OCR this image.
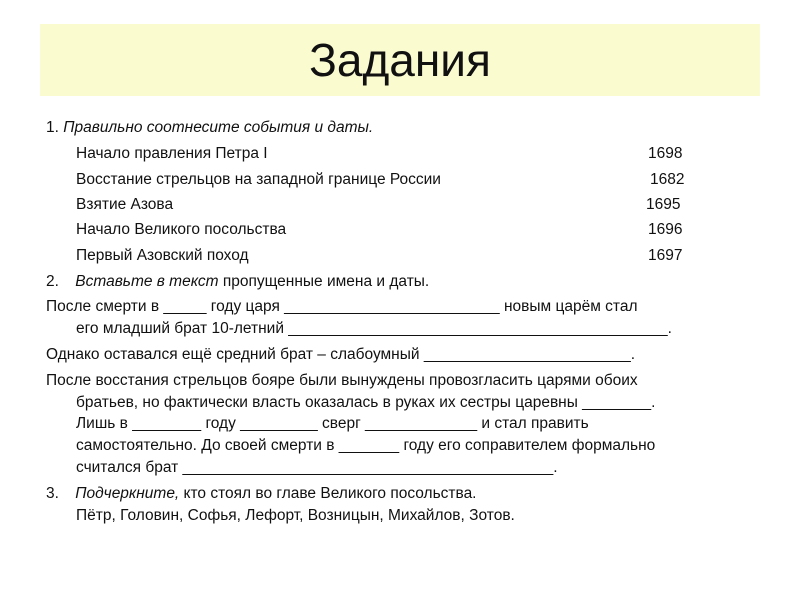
Задания
1. Правильно соотнесите события и даты.
Начало правления Петра I
Восстание стрельцов на западной границе России
Взятие Азова
Начало Великого посольства
Первый Азовский поход
1698
1682
1695
1696
1697
2. Вставьте в текст пропущенные имена и даты.
После смерти в _____ году царя _________________________ новым царём стал
его младший брат 10-летний ____________________________________________.
Однако оставался ещё средний брат – слабоумный ________________________.
После восстания стрельцов бояре были вынуждены провозгласить царями обоих
братьев, но фактически власть оказалась в руках их сестры царевны ________.
Лишь в ________ году _________ сверг _____________ и стал править
самостоятельно. До своей смерти в _______ году его соправителем формально
считался брат ___________________________________________.
3. Подчеркните, кто стоял во главе Великого посольства.
Пётр, Головин, Софья, Лефорт, Возницын, Михайлов, Зотов.
